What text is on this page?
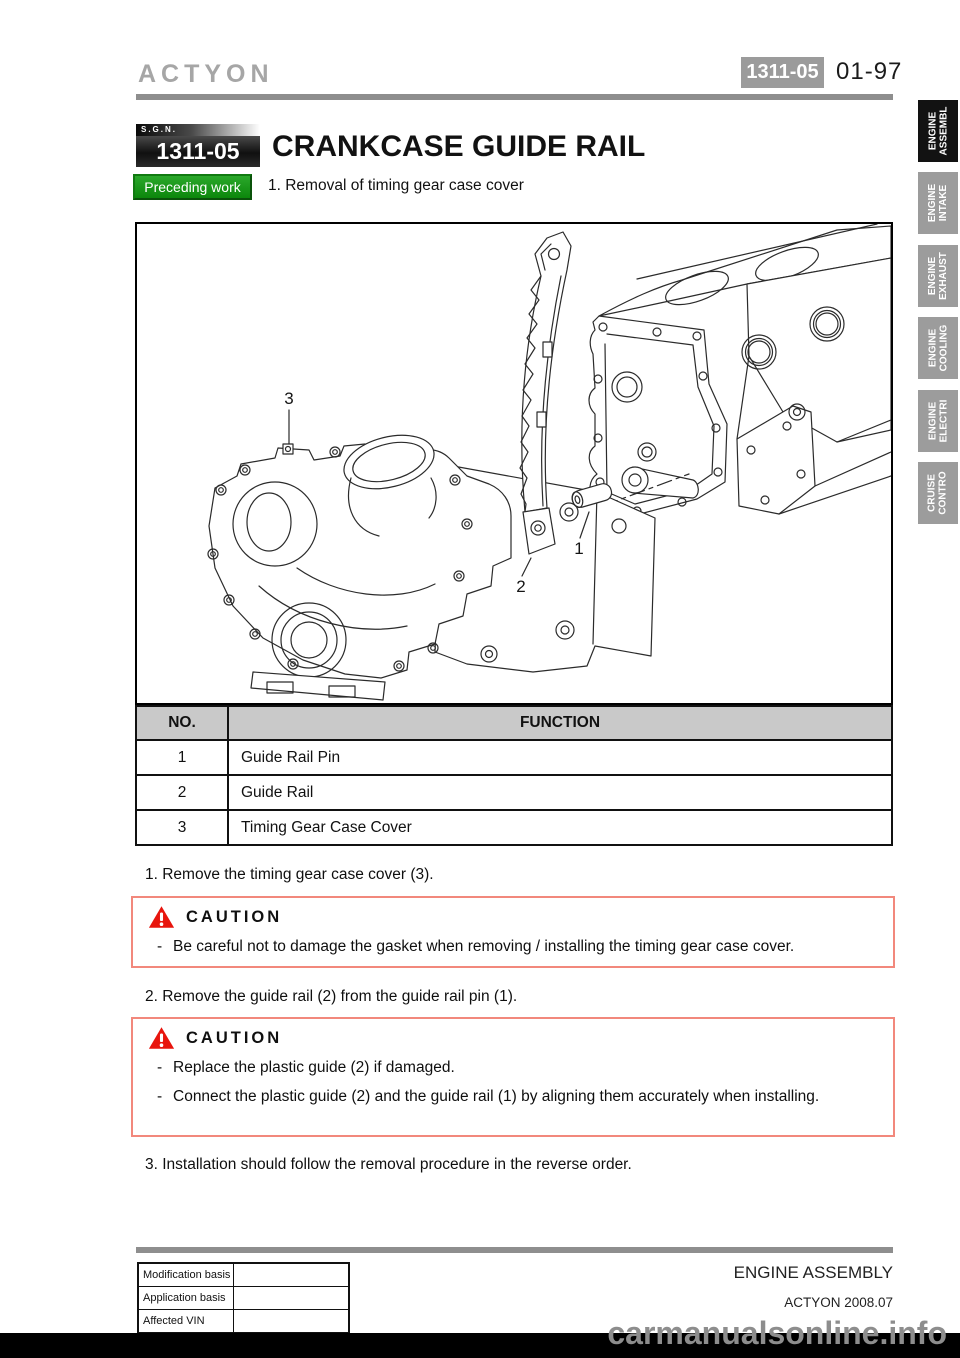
ACTYON	1311-05 01-97
ENGINE ASSEMBL
ENGINE INTAKE
ENGINE EXHAUST
ENGINE COOLING
ENGINE ELECTRI
CRUISE CONTRO
S.G.N.
1311-05	CRANKCASE GUIDE RAIL
Preceding work	1. Removal of timing gear case cover
3
2
1
NO.	FUNCTION
1	Guide Rail Pin
2	Guide Rail
3	Timing Gear Case Cover
1. Remove the timing gear case cover (3).
CAUTION
- Be careful not to damage the gasket when removing / installing the timing gear case cover.
2. Remove the guide rail (2) from the guide rail pin (1).
CAUTION
- Replace the plastic guide (2) if damaged.
- Connect the plastic guide (2) and the guide rail (1) by aligning them accurately when installing.
3. Installation should follow the removal procedure in the reverse order.
Modification basis	
Application basis	
Affected VIN	
ENGINE ASSEMBLY
ACTYON 2008.07
carmanualsonline.info
